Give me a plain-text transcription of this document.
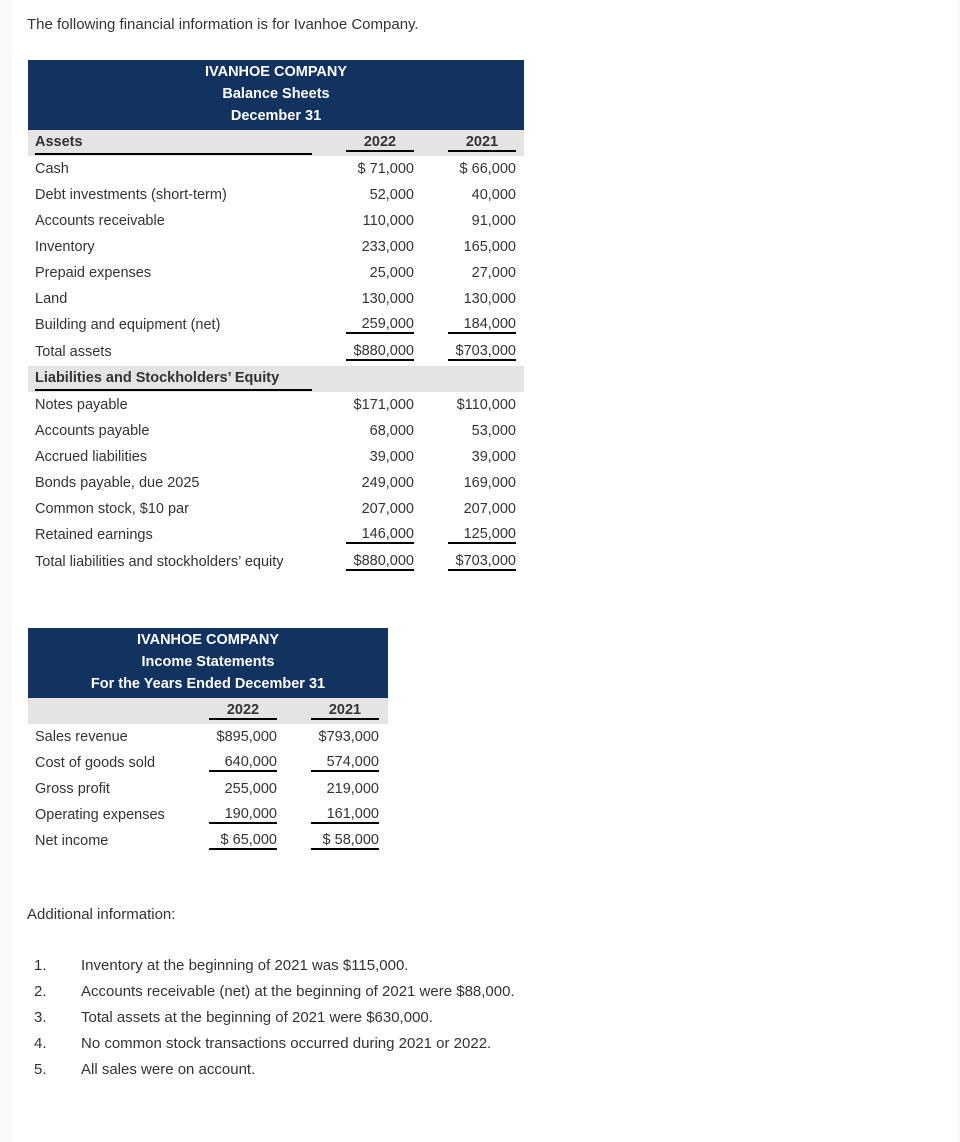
The following financial information is for Ivanhoe Company.

IVANHOE COMPANY
Balance Sheets
December 31
Assets	2022	2021
Cash	$ 71,000	$ 66,000
Debt investments (short-term)	52,000	40,000
Accounts receivable	110,000	91,000
Inventory	233,000	165,000
Prepaid expenses	25,000	27,000
Land	130,000	130,000
Building and equipment (net)	259,000	184,000
Total assets	$880,000	$703,000
Liabilities and Stockholders’ Equity
Notes payable	$171,000	$110,000
Accounts payable	68,000	53,000
Accrued liabilities	39,000	39,000
Bonds payable, due 2025	249,000	169,000
Common stock, $10 par	207,000	207,000
Retained earnings	146,000	125,000
Total liabilities and stockholders’ equity	$880,000	$703,000
IVANHOE COMPANY
Income Statements
For the Years Ended December 31
2022	2021
Sales revenue	$895,000	$793,000
Cost of goods sold	640,000	574,000
Gross profit	255,000	219,000
Operating expenses	190,000	161,000
Net income	$ 65,000	$ 58,000

Additional information:

1.	Inventory at the beginning of 2021 was $115,000.
2.	Accounts receivable (net) at the beginning of 2021 were $88,000.
3.	Total assets at the beginning of 2021 were $630,000.
4.	No common stock transactions occurred during 2021 or 2022.
5.	All sales were on account.
